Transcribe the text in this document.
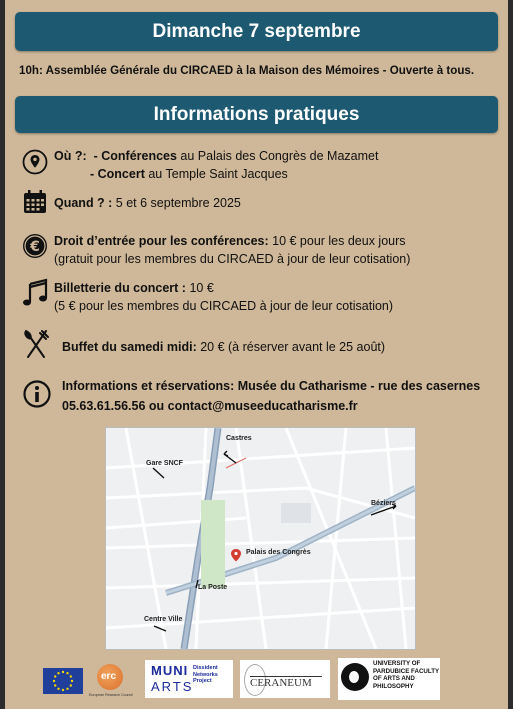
Dimanche 7 septembre
10h: Assemblée Générale du CIRCAED à la Maison des Mémoires - Ouverte à tous.
Informations pratiques
Où ?: - Conférences au Palais des Congrès de Mazamet
- Concert au Temple Saint Jacques
Quand ? : 5 et 6 septembre 2025
€ Droit d’entrée pour les conférences: 10 € pour les deux jours
(gratuit pour les membres du CIRCAED à jour de leur cotisation)
Billetterie du concert : 10 €
(5 € pour les membres du CIRCAED à jour de leur cotisation)
Buffet du samedi midi: 20 € (à réserver avant le 25 août)
Informations et réservations: Musée du Catharisme - rue des casernes
05.63.61.56.56 ou contact@museeducatharisme.fr
Castres
Gare SNCF
Palais des Congrès
La Poste
Centre Ville
Béziers
erc
European Research Council
MUNI
ARTS
Dissident Networks Project	CERANEUM
UNIVERSITY OF PARDUBICE FACULTY OF ARTS AND PHILOSOPHY
